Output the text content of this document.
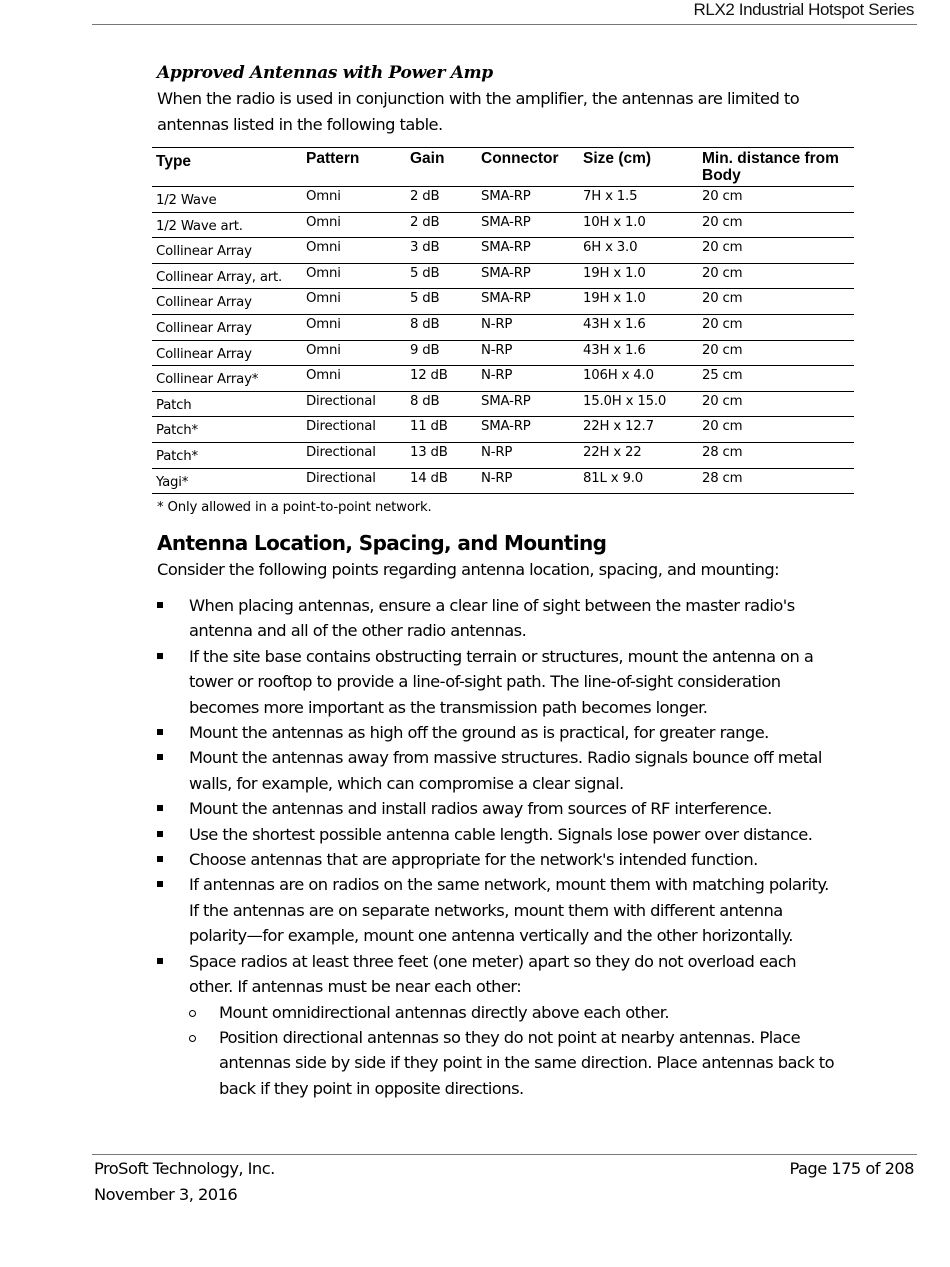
RLX2 Industrial Hotspot Series

Approved Antennas with Power Amp

When the radio is used in conjunction with the amplifier, the antennas are limited to

antennas listed in the following table.

Type	Pattern	Gain	Connector	Size (cm)	Min. distance from Body
1/2 Wave	Omni	2 dB	SMA-RP	7H x 1.5	20 cm
1/2 Wave art.	Omni	2 dB	SMA-RP	10H x 1.0	20 cm
Collinear Array	Omni	3 dB	SMA-RP	6H x 3.0	20 cm
Collinear Array, art.	Omni	5 dB	SMA-RP	19H x 1.0	20 cm
Collinear Array	Omni	5 dB	SMA-RP	19H x 1.0	20 cm
Collinear Array	Omni	8 dB	N-RP	43H x 1.6	20 cm
Collinear Array	Omni	9 dB	N-RP	43H x 1.6	20 cm
Collinear Array*	Omni	12 dB	N-RP	106H x 4.0	25 cm
Patch	Directional	8 dB	SMA-RP	15.0H x 15.0	20 cm
Patch*	Directional	11 dB	SMA-RP	22H x 12.7	20 cm
Patch*	Directional	13 dB	N-RP	22H x 22	28 cm
Yagi*	Directional	14 dB	N-RP	81L x 9.0	28 cm
* Only allowed in a point-to-point network.
Antenna Location, Spacing, and Mounting

Consider the following points regarding antenna location, spacing, and mounting:

When placing antennas, ensure a clear line of sight between the master radio's
antenna and all of the other radio antennas.
If the site base contains obstructing terrain or structures, mount the antenna on a
tower or rooftop to provide a line-of-sight path. The line-of-sight consideration
becomes more important as the transmission path becomes longer.
Mount the antennas as high off the ground as is practical, for greater range.
Mount the antennas away from massive structures. Radio signals bounce off metal
walls, for example, which can compromise a clear signal.
Mount the antennas and install radios away from sources of RF interference.
Use the shortest possible antenna cable length. Signals lose power over distance.
Choose antennas that are appropriate for the network's intended function.
If antennas are on radios on the same network, mount them with matching polarity.
If the antennas are on separate networks, mount them with different antenna
polarity—for example, mount one antenna vertically and the other horizontally.
Space radios at least three feet (one meter) apart so they do not overload each
other. If antennas must be near each other:
Mount omnidirectional antennas directly above each other.
Position directional antennas so they do not point at nearby antennas. Place
antennas side by side if they point in the same direction. Place antennas back to
back if they point in opposite directions.
ProSoft Technology, Inc.
November 3, 2016
Page 175 of 208
